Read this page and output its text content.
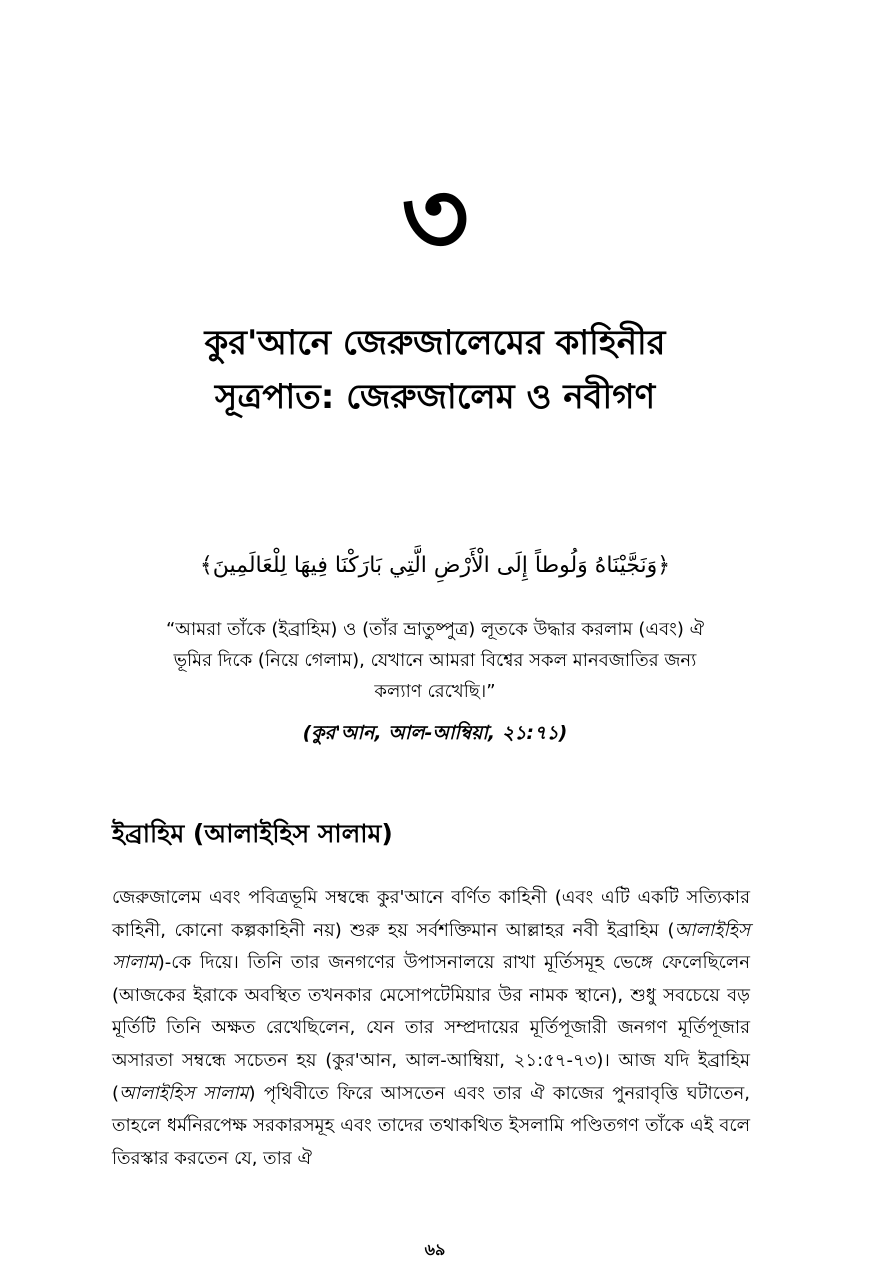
৩
কুর'আনে জেরুজালেমের কাহিনীর
সূত্রপাত: জেরুজালেম ও নবীগণ
﴿وَنَجَّيْنَاهُ وَلُوطاً إِلَى الْأَرْضِ الَّتِي بَارَكْنَا فِيهَا لِلْعَالَمِينَ﴾
“আমরা তাঁকে (ইব্রাহিম) ও (তাঁর ভ্রাতুষ্পুত্র) লূতকে উদ্ধার করলাম (এবং) ঐ ভূমির দিকে (নিয়ে গেলাম), যেখানে আমরা বিশ্বের সকল মানবজাতির জন্য কল্যাণ রেখেছি।”
(কুর'আন, আল-আম্বিয়া, ২১:৭১)
ইব্রাহিম (আলাইহিস সালাম)

জেরুজালেম এবং পবিত্রভূমি সম্বন্ধে কুর'আনে বর্ণিত কাহিনী (এবং এটি একটি সত্যিকার কাহিনী, কোনো কল্পকাহিনী নয়) শুরু হয় সর্বশক্তিমান আল্লাহর নবী ইব্রাহিম (আলাইহিস সালাম)-কে দিয়ে। তিনি তার জনগণের উপাসনালয়ে রাখা মূর্তিসমূহ ভেঙ্গে ফেলেছিলেন (আজকের ইরাকে অবস্থিত তখনকার মেসোপটেমিয়ার উর নামক স্থানে), শুধু সবচেয়ে বড় মূর্তিটি তিনি অক্ষত রেখেছিলেন, যেন তার সম্প্রদায়ের মূর্তিপূজারী জনগণ মূর্তিপূজার অসারতা সম্বন্ধে সচেতন হয় (কুর'আন, আল-আম্বিয়া, ২১:৫৭-৭৩)। আজ যদি ইব্রাহিম (আলাইহিস সালাম) পৃথিবীতে ফিরে আসতেন এবং তার ঐ কাজের পুনরাবৃত্তি ঘটাতেন, তাহলে ধর্মনিরপেক্ষ সরকারসমূহ এবং তাদের তথাকথিত ইসলামি পণ্ডিতগণ তাঁকে এই বলে তিরস্কার করতেন যে, তার ঐ

৬৯
